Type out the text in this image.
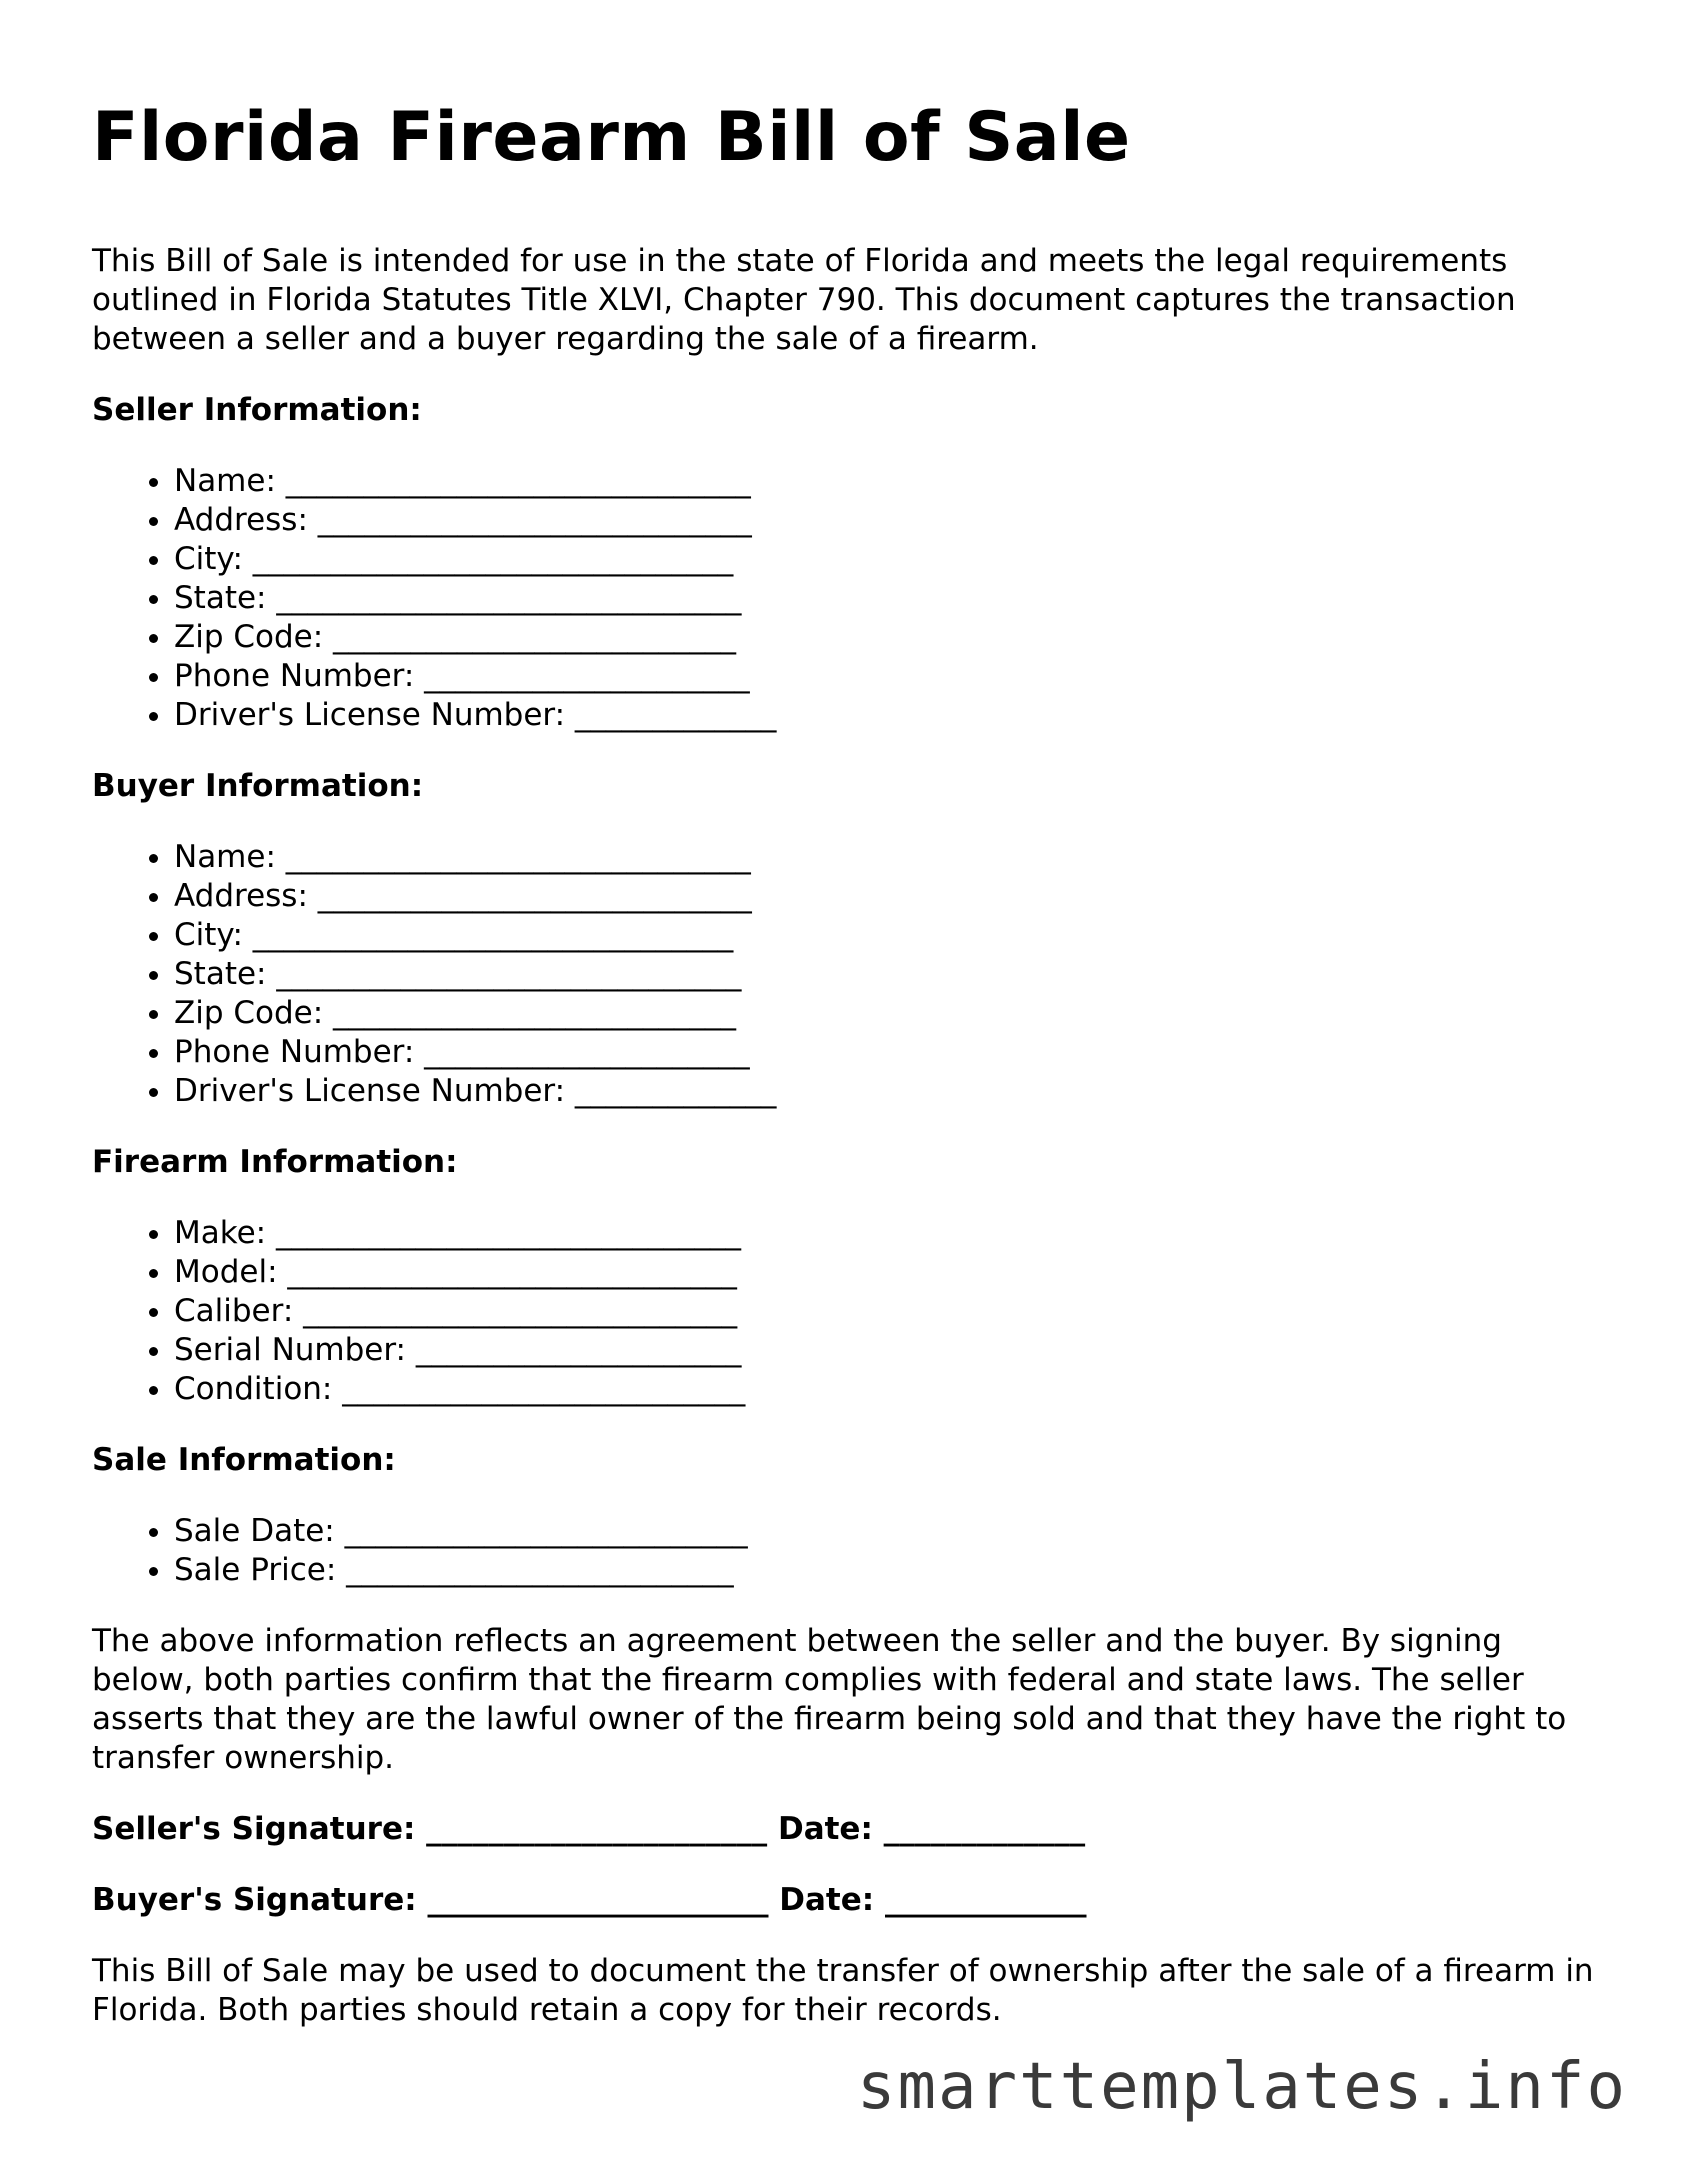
Florida Firearm Bill of Sale

This Bill of Sale is intended for use in the state of Florida and meets the legal requirements outlined in Florida Statutes Title XLVI, Chapter 790. This document captures the transaction between a seller and a buyer regarding the sale of a firearm.

Seller Information:
• Name: ______________________________
• Address: ____________________________
• City: _______________________________
• State: ______________________________
• Zip Code: __________________________
• Phone Number: _____________________
• Driver's License Number: _____________
Buyer Information:
• Name: ______________________________
• Address: ____________________________
• City: _______________________________
• State: ______________________________
• Zip Code: __________________________
• Phone Number: _____________________
• Driver's License Number: _____________
Firearm Information:
• Make: ______________________________
• Model: _____________________________
• Caliber: ____________________________
• Serial Number: _____________________
• Condition: __________________________
Sale Information:
• Sale Date: __________________________
• Sale Price: _________________________

The above information reflects an agreement between the seller and the buyer. By signing below, both parties confirm that the firearm complies with federal and state laws. The seller asserts that they are the lawful owner of the firearm being sold and that they have the right to transfer ownership.

Seller's Signature: ______________________ Date: _____________
Buyer's Signature: ______________________ Date: _____________

This Bill of Sale may be used to document the transfer of ownership after the sale of a firearm in Florida. Both parties should retain a copy for their records.

smarttemplates.info
